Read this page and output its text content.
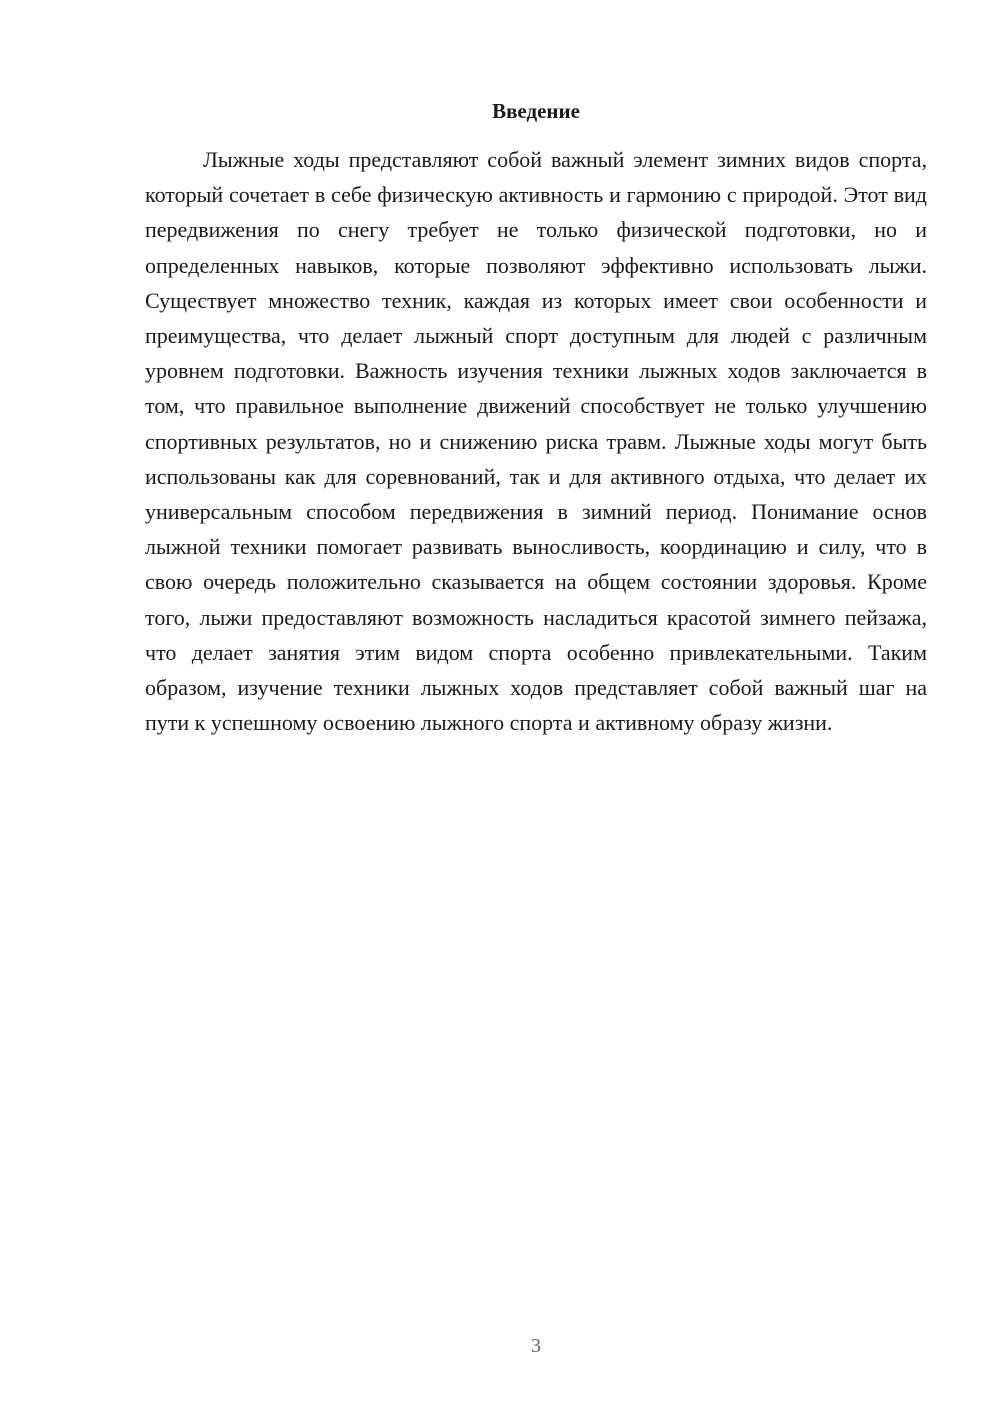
Введение

Лыжные ходы представляют собой важный элемент зимних видов спорта, который сочетает в себе физическую активность и гармонию с природой. Этот вид передвижения по снегу требует не только физической подготовки, но и определенных навыков, которые позволяют эффективно использовать лыжи. Существует множество техник, каждая из которых имеет свои особенности и преимущества, что делает лыжный спорт доступным для людей с различным уровнем подготовки. Важность изучения техники лыжных ходов заключается в том, что правильное выполнение движений способствует не только улучшению спортивных результатов, но и снижению риска травм. Лыжные ходы могут быть использованы как для соревнований, так и для активного отдыха, что делает их универсальным способом передвижения в зимний период. Понимание основ лыжной техники помогает развивать выносливость, координацию и силу, что в свою очередь положительно сказывается на общем состоянии здоровья. Кроме того, лыжи предоставляют возможность насладиться красотой зимнего пейзажа, что делает занятия этим видом спорта особенно привлекательными. Таким образом, изучение техники лыжных ходов представляет собой важный шаг на пути к успешному освоению лыжного спорта и активному образу жизни.

3
